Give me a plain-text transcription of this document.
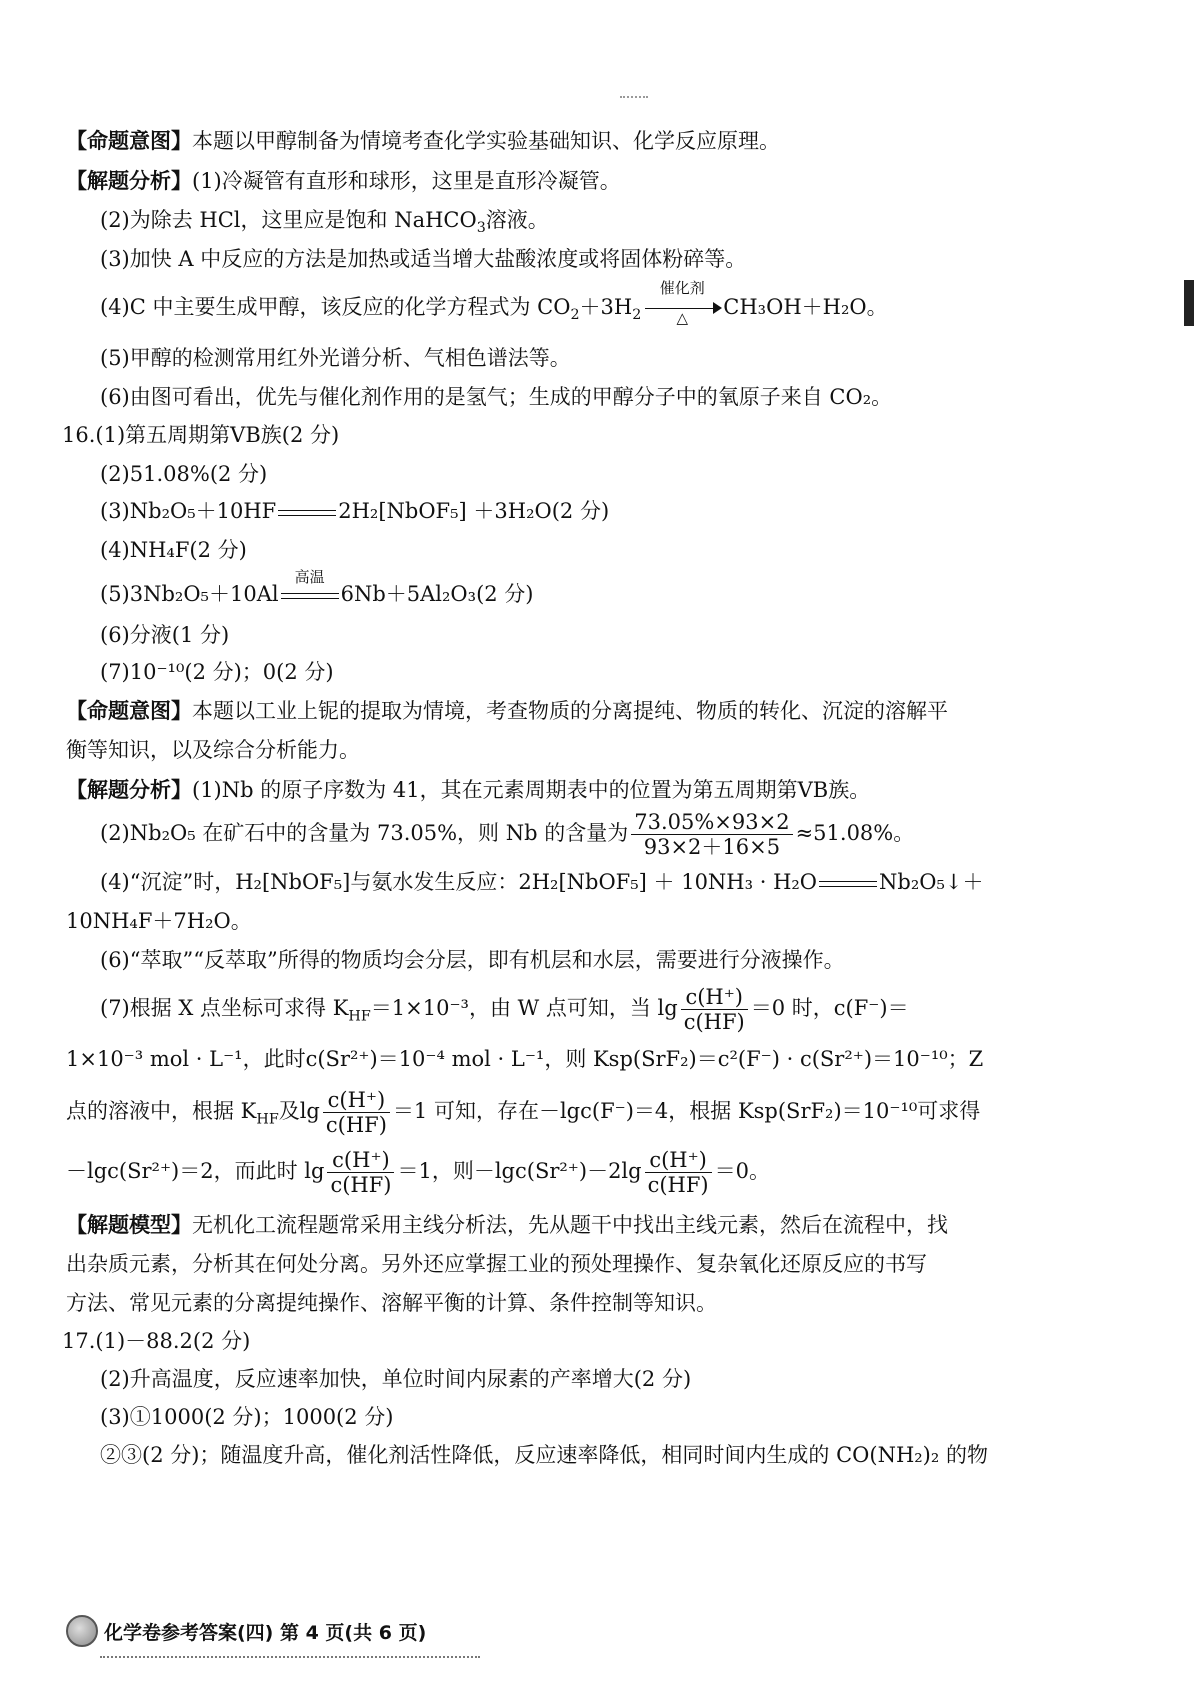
【命题意图】本题以甲醇制备为情境考查化学实验基础知识、化学反应原理。
【解题分析】(1)冷凝管有直形和球形，这里是直形冷凝管。
(2)为除去 HCl，这里应是饱和 NaHCO$_3$溶液。
(3)加快 A 中反应的方法是加热或适当增大盐酸浓度或将固体粉碎等。
(4)C 中主要生成甲醇，该反应的化学方程式为 $CO_2+3H_2$
催化剂
△	CH₃OH＋H₂O。
(5)甲醇的检测常用红外光谱分析、气相色谱法等。
(6)由图可看出，优先与催化剂作用的是氢气；生成的甲醇分子中的氧原子来自 CO₂。
16.(1)第五周期第ⅤB族(2 分)
(2)51.08%(2 分)
(3)Nb₂O₅＋10HF	2H₂[NbOF₅] ＋3H₂O(2 分)
(4)NH₄F(2 分)
(5)3Nb₂O₅＋10Al
高温
6Nb＋5Al₂O₃(2 分)
(6)分液(1 分)
(7)10⁻¹⁰(2 分)；0(2 分)
【命题意图】本题以工业上铌的提取为情境，考查物质的分离提纯、物质的转化、沉淀的溶解平
衡等知识，以及综合分析能力。
【解题分析】(1)Nb 的原子序数为 41，其在元素周期表中的位置为第五周期第ⅤB族。
(2)Nb₂O₅ 在矿石中的含量为 73.05%，则 Nb 的含量为 $\frac{73.05\%\times 93\times 2}{93\times 2+16\times 5} \approx 51.08\%$。
(4)“沉淀”时，H₂[NbOF₅]与氨水发生反应：2H₂[NbOF₅] ＋ 10NH₃ · H₂O	Nb₂O₅↓＋
10NH₄F＋7H₂O。
(6)“萃取”“反萃取”所得的物质均会分层，即有机层和水层，需要进行分液操作。
(7)根据 X 点坐标可求得 $K_{HF}=1\times 10^{-3}$，由 W 点可知，当 $\lg \frac{c(H^+)}{c(HF)} =0$ 时，c(F⁻)＝
1×10⁻³ mol · L⁻¹，此时c(Sr²⁺)＝10⁻⁴ mol · L⁻¹，则 Ksp(SrF₂)＝c²(F⁻) · c(Sr²⁺)＝10⁻¹⁰；Z
点的溶液中，根据 $K_{HF}$及$\lg \frac{c(H^+)}{c(HF)} =1$ 可知，存在－lgc(F⁻)＝4，根据 Ksp(SrF₂)＝10⁻¹⁰可求得
－lgc(Sr²⁺)＝2，而此时 $\lg \frac{c(H^+)}{c(HF)} =1$，则$-\lg c(Sr^{2+})-2\lg \frac{c(H^+)}{c(HF)} =0$。
【解题模型】无机化工流程题常采用主线分析法，先从题干中找出主线元素，然后在流程中，找
出杂质元素，分析其在何处分离。另外还应掌握工业的预处理操作、复杂氧化还原反应的书写
方法、常见元素的分离提纯操作、溶解平衡的计算、条件控制等知识。
17.(1)－88.2(2 分)
(2)升高温度，反应速率加快，单位时间内尿素的产率增大(2 分)
(3)①1000(2 分)；1000(2 分)
②③(2 分)；随温度升高，催化剂活性降低，反应速率降低，相同时间内生成的 CO(NH₂)₂ 的物
化学卷参考答案(四) 第 4 页(共 6 页)
